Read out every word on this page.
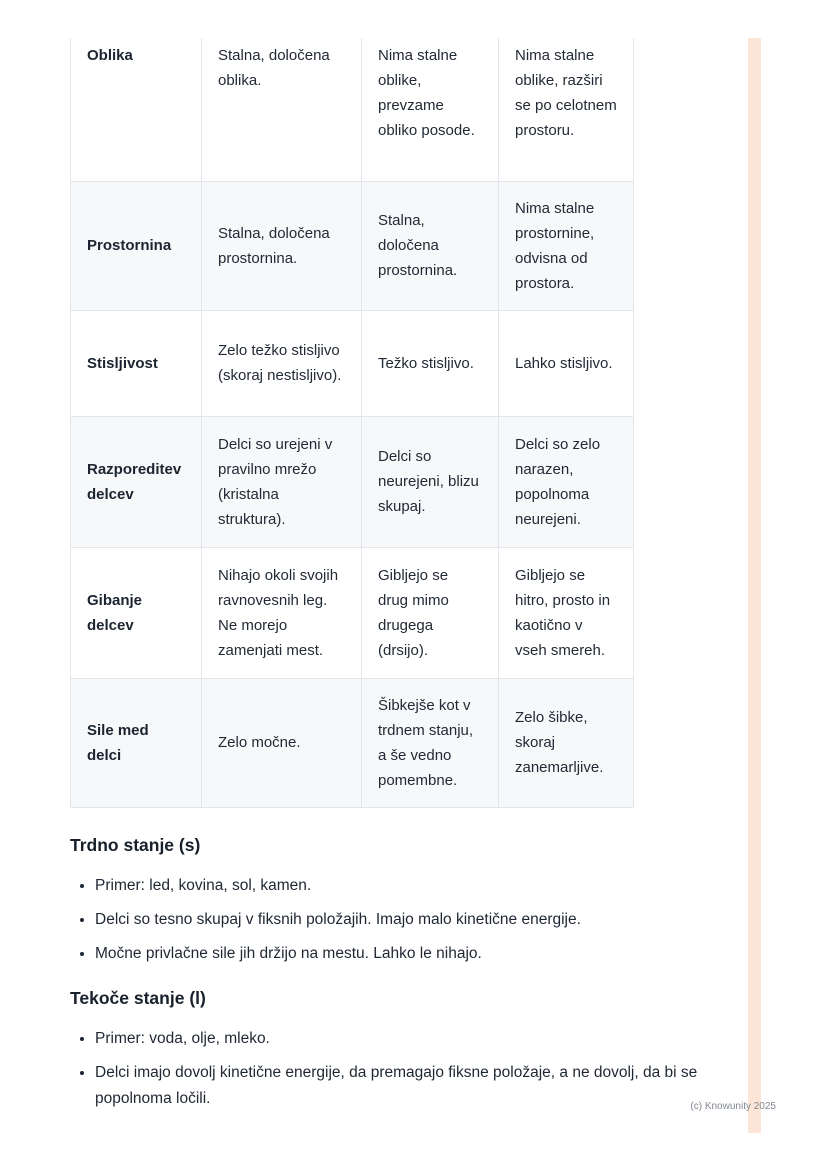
Oblika	Stalna, določena oblika.	Nima stalne oblike, prevzame obliko posode.	Nima stalne oblike, razširi se po celotnem prostoru.
Prostornina	Stalna, določena prostornina.	Stalna, določena prostornina.	Nima stalne prostornine, odvisna od prostora.
Stisljivost	Zelo težko stisljivo (skoraj nestisljivo).	Težko stisljivo.	Lahko stisljivo.
Razporeditev delcev	Delci so urejeni v pravilno mrežo (kristalna struktura).	Delci so neurejeni, blizu skupaj.	Delci so zelo narazen, popolnoma neurejeni.
Gibanje delcev	Nihajo okoli svojih ravnovesnih leg. Ne morejo zamenjati mest.	Gibljejo se drug mimo drugega (drsijo).	Gibljejo se hitro, prosto in kaotično v vseh smereh.
Sile med delci	Zelo močne.	Šibkejše kot v trdnem stanju, a še vedno pomembne.	Zelo šibke, skoraj zanemarljive.
Trdno stanje (s)
• Primer: led, kovina, sol, kamen.
• Delci so tesno skupaj v fiksnih položajih. Imajo malo kinetične energije.
• Močne privlačne sile jih držijo na mestu. Lahko le nihajo.
Tekoče stanje (l)
• Primer: voda, olje, mleko.
• Delci imajo dovolj kinetične energije, da premagajo fiksne položaje, a ne dovolj, da bi se popolnoma ločili.	(c) Knowunity 2025
